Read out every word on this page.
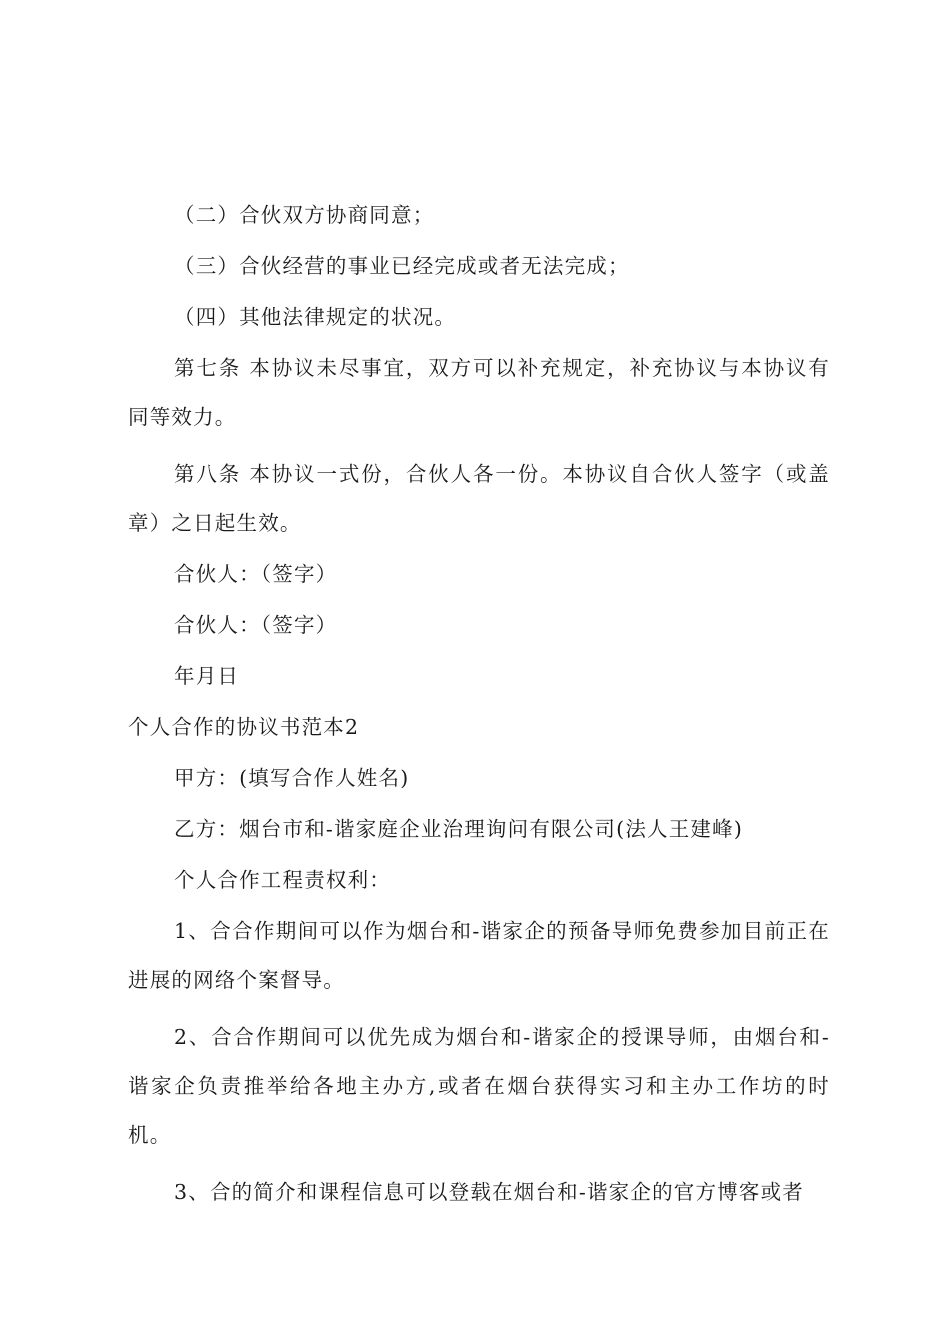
（二）合伙双方协商同意；

（三）合伙经营的事业已经完成或者无法完成；

（四）其他法律规定的状况。

第七条 本协议未尽事宜，双方可以补充规定，补充协议与本协议有同等效力。

第八条 本协议一式份，合伙人各一份。本协议自合伙人签字（或盖章）之日起生效。

合伙人：（签字）

合伙人：（签字）

年月日

个人合作的协议书范本2

甲方：(填写合作人姓名)

乙方：烟台市和-谐家庭企业治理询问有限公司(法人王建峰)

个人合作工程责权利：

1、合合作期间可以作为烟台和-谐家企的预备导师免费参加目前正在进展的网络个案督导。

2、合合作期间可以优先成为烟台和-谐家企的授课导师，由烟台和-谐家企负责推举给各地主办方,或者在烟台获得实习和主办工作坊的时机。

3、合的简介和课程信息可以登载在烟台和-谐家企的官方博客或者
